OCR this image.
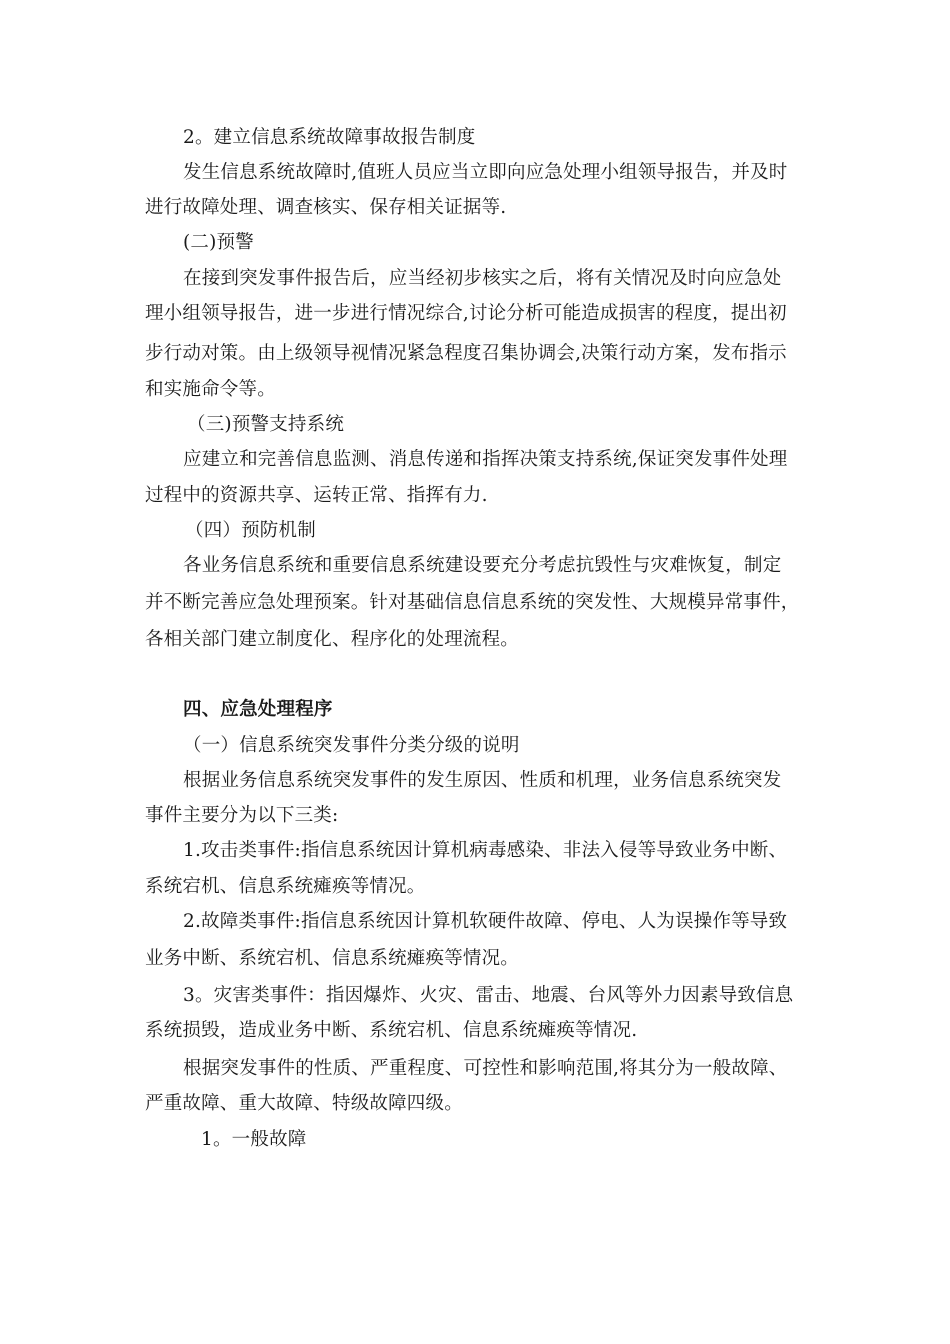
2。建立信息系统故障事故报告制度
发生信息系统故障时,值班人员应当立即向应急处理小组领导报告，并及时
进行故障处理、调查核实、保存相关证据等.
(二)预警
在接到突发事件报告后，应当经初步核实之后，将有关情况及时向应急处
理小组领导报告，进一步进行情况综合,讨论分析可能造成损害的程度，提出初
步行动对策。由上级领导视情况紧急程度召集协调会,决策行动方案，发布指示
和实施命令等。
（三)预警支持系统
应建立和完善信息监测、消息传递和指挥决策支持系统,保证突发事件处理
过程中的资源共享、运转正常、指挥有力.
（四）预防机制
各业务信息系统和重要信息系统建设要充分考虑抗毁性与灾难恢复，制定
并不断完善应急处理预案。针对基础信息信息系统的突发性、大规模异常事件，
各相关部门建立制度化、程序化的处理流程。
四、应急处理程序
（一）信息系统突发事件分类分级的说明
根据业务信息系统突发事件的发生原因、性质和机理，业务信息系统突发
事件主要分为以下三类:
1.攻击类事件:指信息系统因计算机病毒感染、非法入侵等导致业务中断、
系统宕机、信息系统瘫痪等情况。
2.故障类事件:指信息系统因计算机软硬件故障、停电、人为误操作等导致
业务中断、系统宕机、信息系统瘫痪等情况。
3。灾害类事件：指因爆炸、火灾、雷击、地震、台风等外力因素导致信息
系统损毁，造成业务中断、系统宕机、信息系统瘫痪等情况.
根据突发事件的性质、严重程度、可控性和影响范围,将其分为一般故障、
严重故障、重大故障、特级故障四级。
1。一般故障
